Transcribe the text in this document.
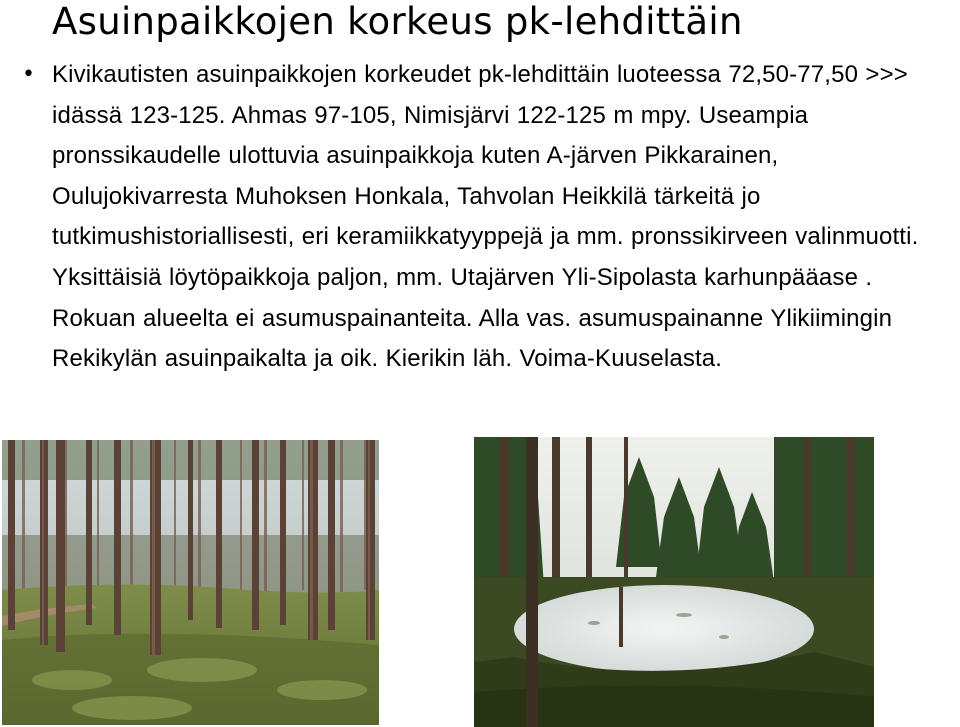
Asuinpaikkojen korkeus pk-lehdittäin
• Kivikautisten asuinpaikkojen korkeudet pk-lehdittäin luoteessa 72,50-77,50 >>> idässä 123-125. Ahmas 97-105, Nimisjärvi 122-125 m mpy. Useampia pronssikaudelle ulottuvia asuinpaikkoja kuten A-järven Pikkarainen, Oulujokivarresta Muhoksen Honkala, Tahvolan Heikkilä tärkeitä jo tutkimushistoriallisesti, eri keramiikkatyyppejä ja mm. pronssikirveen valinmuotti. Yksittäisiä löytöpaikkoja paljon, mm. Utajärven Yli-Sipolasta karhunpääase . Rokuan alueelta ei asumuspainanteita. Alla vas. asumuspainanne Ylikiimingin Rekikylän asuinpaikalta ja oik. Kierikin läh. Voima-Kuuselasta.
